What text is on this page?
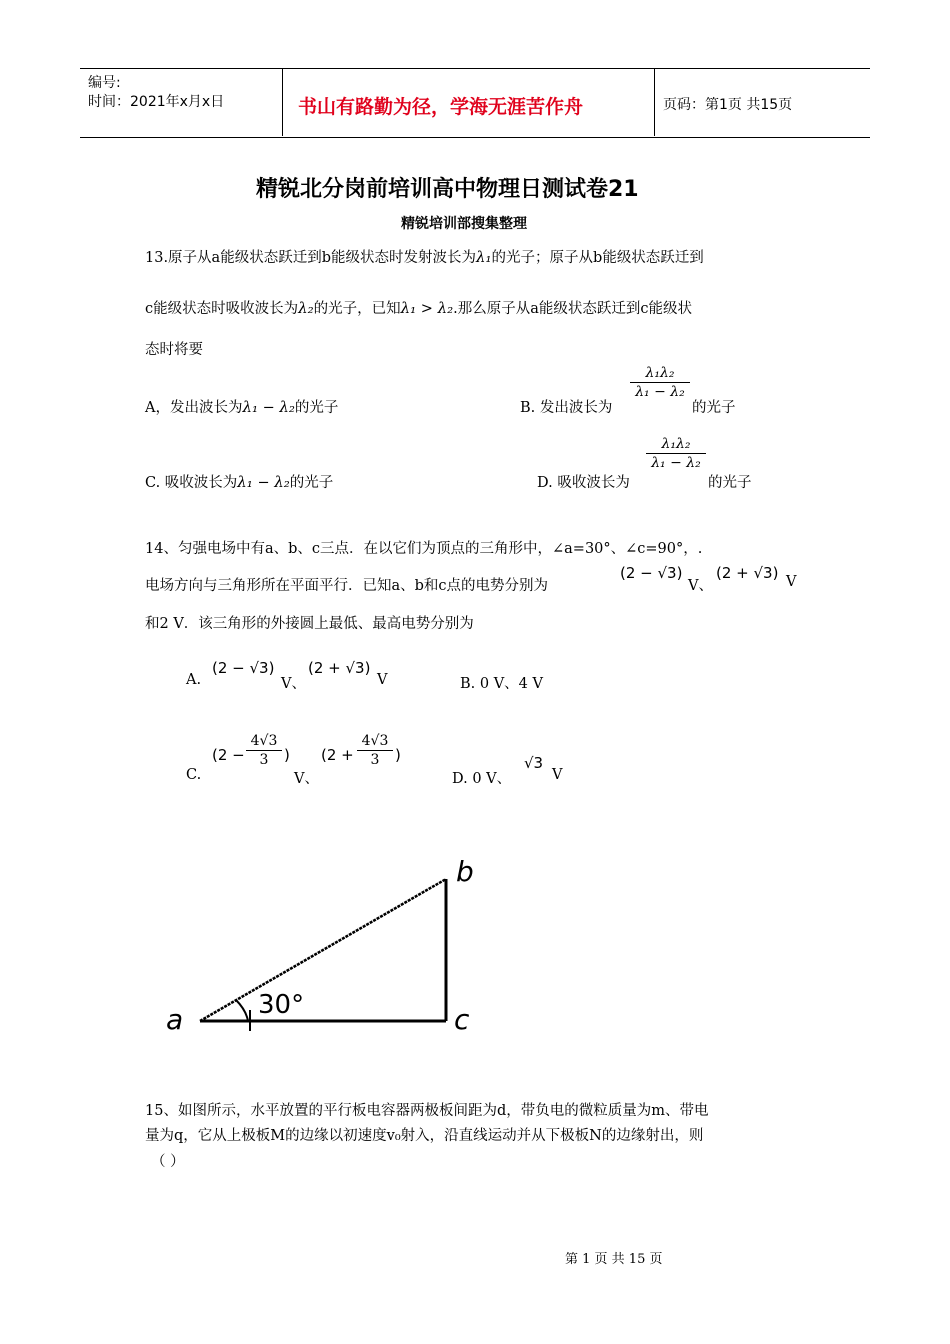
编号:
时间：2021年x月x日	书山有路勤为径，学海无涯苦作舟	页码：第1页 共15页
精锐北分岗前培训高中物理日测试卷21
精锐培训部搜集整理
13.原子从a能级状态跃迁到b能级状态时发射波长为λ₁的光子；原子从b能级状态跃迁到
c能级状态时吸收波长为λ₂的光子，已知λ₁ > λ₂.那么原子从a能级状态跃迁到c能级状
态时将要
A，发出波长为λ₁ − λ₂的光子	B. 发出波长为
$\frac{\text{λ₁λ₂}}{\text{λ₁ − λ₂}}$
的光子
C. 吸收波长为λ₁ − λ₂的光子	D. 吸收波长为
$\frac{\text{λ₁λ₂}}{\text{λ₁ − λ₂}}$
的光子
14、匀强电场中有a、b、c三点．在以它们为顶点的三角形中，∠a=30°、∠c=90°，.
电场方向与三角形所在平面平行．已知a、b和c点的电势分别为
(2 − √3)
V、
(2 + √3) V
和2 V．该三角形的外接圆上最低、最高电势分别为
A.
(2 − √3)
V、
(2 + √3)
V	B. 0 V、4 V
C.
($2 - \frac{4√3}{3}$ )
V、
($2 + \frac{4√3}{3}$ )
D. 0 V、
√3
V
a
b
c
30°
15、如图所示，水平放置的平行板电容器两极板间距为d，带负电的微粒质量为m、带电
量为q，它从上极板M的边缘以初速度v₀射入，沿直线运动并从下极板N的边缘射出，则
（ ）
第 1 页 共 15 页
